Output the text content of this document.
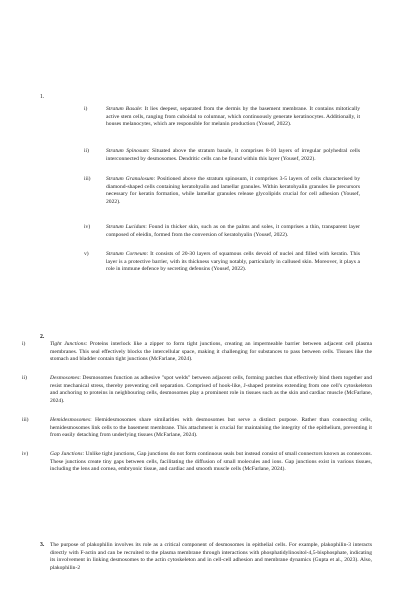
1.
i)	Stratum Basale: It lies deepest, separated from the dermis by the basement membrane. It contains mitotically active stem cells, ranging from cuboidal to columnar, which continuously generate keratinocytes. Additionally, it houses melanocytes, which are responsible for melanin production (Yousef, 2022).
ii)	Stratum Spinosum: Situated above the stratum basale, it comprises 8-10 layers of irregular polyhedral cells interconnected by desmosomes. Dendritic cells can be found within this layer (Yousef, 2022).
iii)	Stratum Granulosum: Positioned above the stratum spinosum, it comprises 3-5 layers of cells characterised by diamond-shaped cells containing keratohyalin and lamellar granules. Within keratohyalin granules lie precursors necessary for keratin formation, while lamellar granules release glycolipids crucial for cell adhesion (Yousef, 2022).
iv)	Stratum Lucidum: Found in thicker skin, such as on the palms and soles, it comprises a thin, transparent layer composed of eleidin, formed from the conversion of keratohyalin (Yousef, 2022).
v)	Stratum Corneum: It consists of 20-30 layers of squamous cells devoid of nuclei and filled with keratin. This layer is a protective barrier, with its thickness varying notably, particularly in callused skin. Moreover, it plays a role in immune defence by secreting defensins (Yousef, 2022).
2.
i)	Tight Junctions: Proteins interlock like a zipper to form tight junctions, creating an impermeable barrier between adjacent cell plasma membranes. This seal effectively blocks the intercellular space, making it challenging for substances to pass between cells. Tissues like the stomach and bladder contain tight junctions (McFarlane, 2024).
ii)	Desmosomes: Desmosomes function as adhesive "spot welds" between adjacent cells, forming patches that effectively bind them together and resist mechanical stress, thereby preventing cell separation. Comprised of hook-like, J-shaped proteins extending from one cell's cytoskeleton and anchoring to proteins in neighbouring cells, desmosomes play a prominent role in tissues such as the skin and cardiac muscle (McFarlane, 2024).
iii)	Hemidesmosomes: Hemidesmosomes share similarities with desmosomes but serve a distinct purpose. Rather than connecting cells, hemidesmosomes link cells to the basement membrane. This attachment is crucial for maintaining the integrity of the epithelium, preventing it from easily detaching from underlying tissues (McFarlane, 2024).
iv)	Gap Junctions: Unlike tight junctions, Gap junctions do not form continuous seals but instead consist of small connectors known as connexons. These junctions create tiny gaps between cells, facilitating the diffusion of small molecules and ions. Gap junctions exist in various tissues, including the lens and cornea, embryonic tissue, and cardiac and smooth muscle cells (McFarlane, 2024).
3. The purpose of plakophilin involves its role as a critical component of desmosomes in epithelial cells. For example, plakophilin-3 interacts directly with F-actin and can be recruited to the plasma membrane through interactions with phosphatidylinositol-4,5-bisphosphate, indicating its involvement in linking desmosomes to the actin cytoskeleton and in cell-cell adhesion and membrane dynamics (Gupta et al., 2023). Also, plakophilin-2
